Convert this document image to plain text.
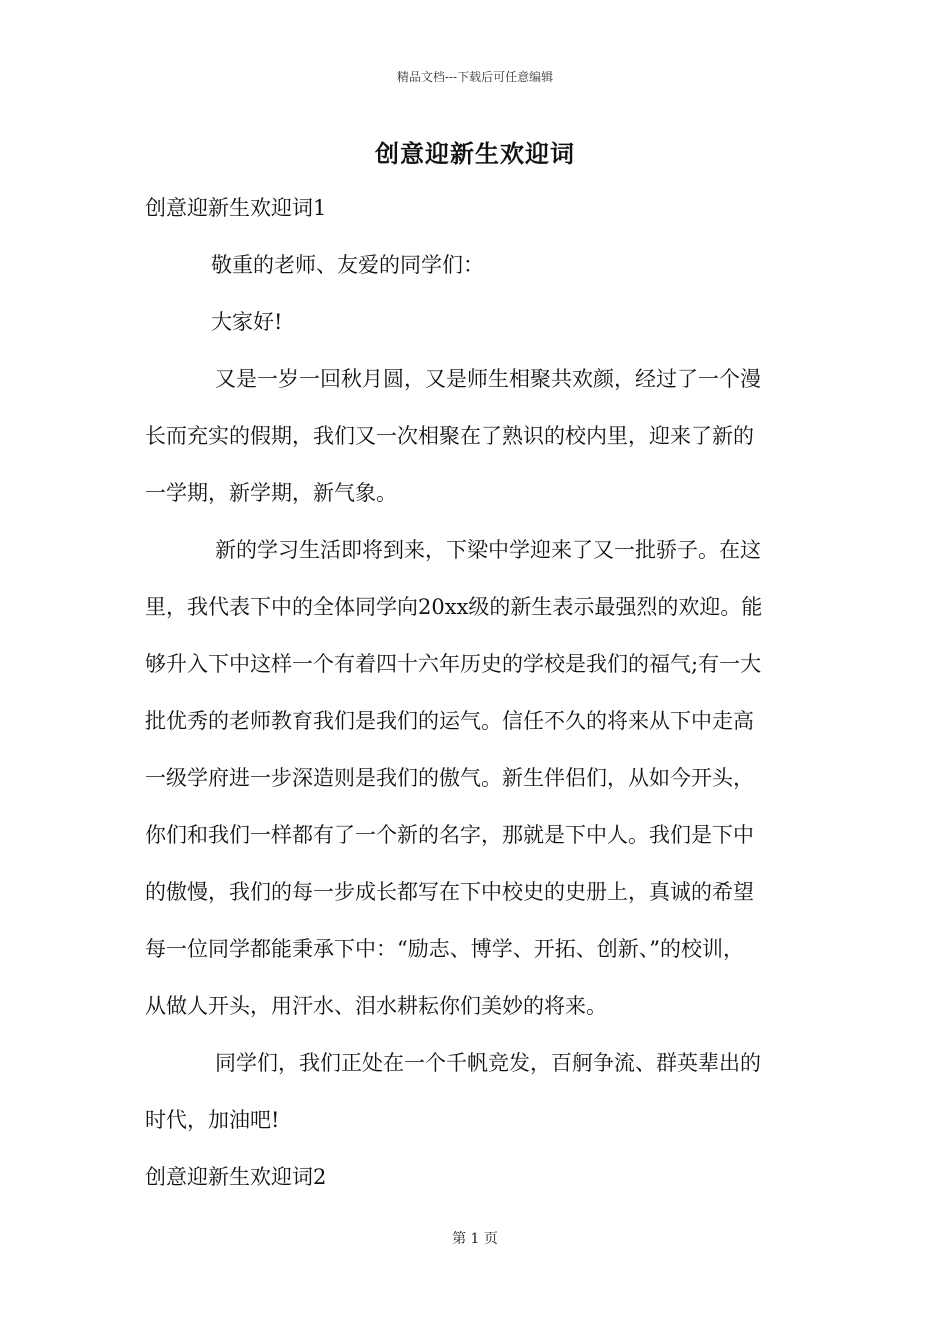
精品文档---下载后可任意编辑
创意迎新生欢迎词
创意迎新生欢迎词1
敬重的老师、友爱的同学们：
大家好!
又是一岁一回秋月圆，又是师生相聚共欢颜，经过了一个漫
长而充实的假期，我们又一次相聚在了熟识的校内里，迎来了新的
一学期，新学期，新气象。
新的学习生活即将到来，下梁中学迎来了又一批骄子。在这
里，我代表下中的全体同学向20xx级的新生表示最强烈的欢迎。能
够升入下中这样一个有着四十六年历史的学校是我们的福气;有一大
批优秀的老师教育我们是我们的运气。信任不久的将来从下中走高
一级学府进一步深造则是我们的傲气。新生伴侣们，从如今开头，
你们和我们一样都有了一个新的名字，那就是下中人。我们是下中
的傲慢，我们的每一步成长都写在下中校史的史册上，真诚的希望
每一位同学都能秉承下中：“励志、博学、开拓、创新、”的校训，
从做人开头，用汗水、泪水耕耘你们美妙的将来。
同学们，我们正处在一个千帆竞发，百舸争流、群英辈出的
时代，加油吧!
创意迎新生欢迎词2
第 1 页
